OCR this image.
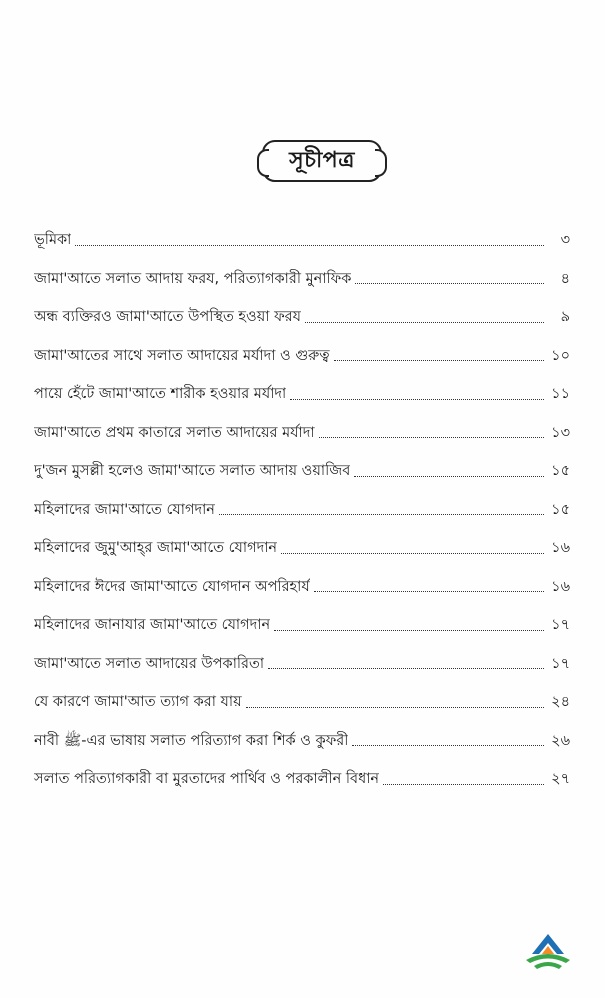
সূচীপত্র
ভূমিকা	৩
জামা'আতে সলাত আদায় ফরয, পরিত্যাগকারী মুনাফিক	৪
অন্ধ ব্যক্তিরও জামা'আতে উপস্থিত হওয়া ফরয	৯
জামা'আতের সাথে সলাত আদায়ের মর্যাদা ও গুরুত্ব	১০
পায়ে হেঁটে জামা'আতে শারীক হওয়ার মর্যাদা	১১
জামা'আতে প্রথম কাতারে সলাত আদায়ের মর্যাদা	১৩
দু'জন মুসল্লী হলেও জামা'আতে সলাত আদায় ওয়াজিব	১৫
মহিলাদের জামা'আতে যোগদান	১৫
মহিলাদের জুমু'আহ্‌র জামা'আতে যোগদান	১৬
মহিলাদের ঈদের জামা'আতে যোগদান অপরিহার্য	১৬
মহিলাদের জানাযার জামা'আতে যোগদান	১৭
জামা'আতে সলাত আদায়ের উপকারিতা	১৭
যে কারণে জামা'আত ত্যাগ করা যায়	২৪
নাবী ﷺ-এর ভাষায় সলাত পরিত্যাগ করা শির্ক ও কুফরী	২৬
সলাত পরিত্যাগকারী বা মুরতাদের পার্থিব ও পরকালীন বিধান	২৭
